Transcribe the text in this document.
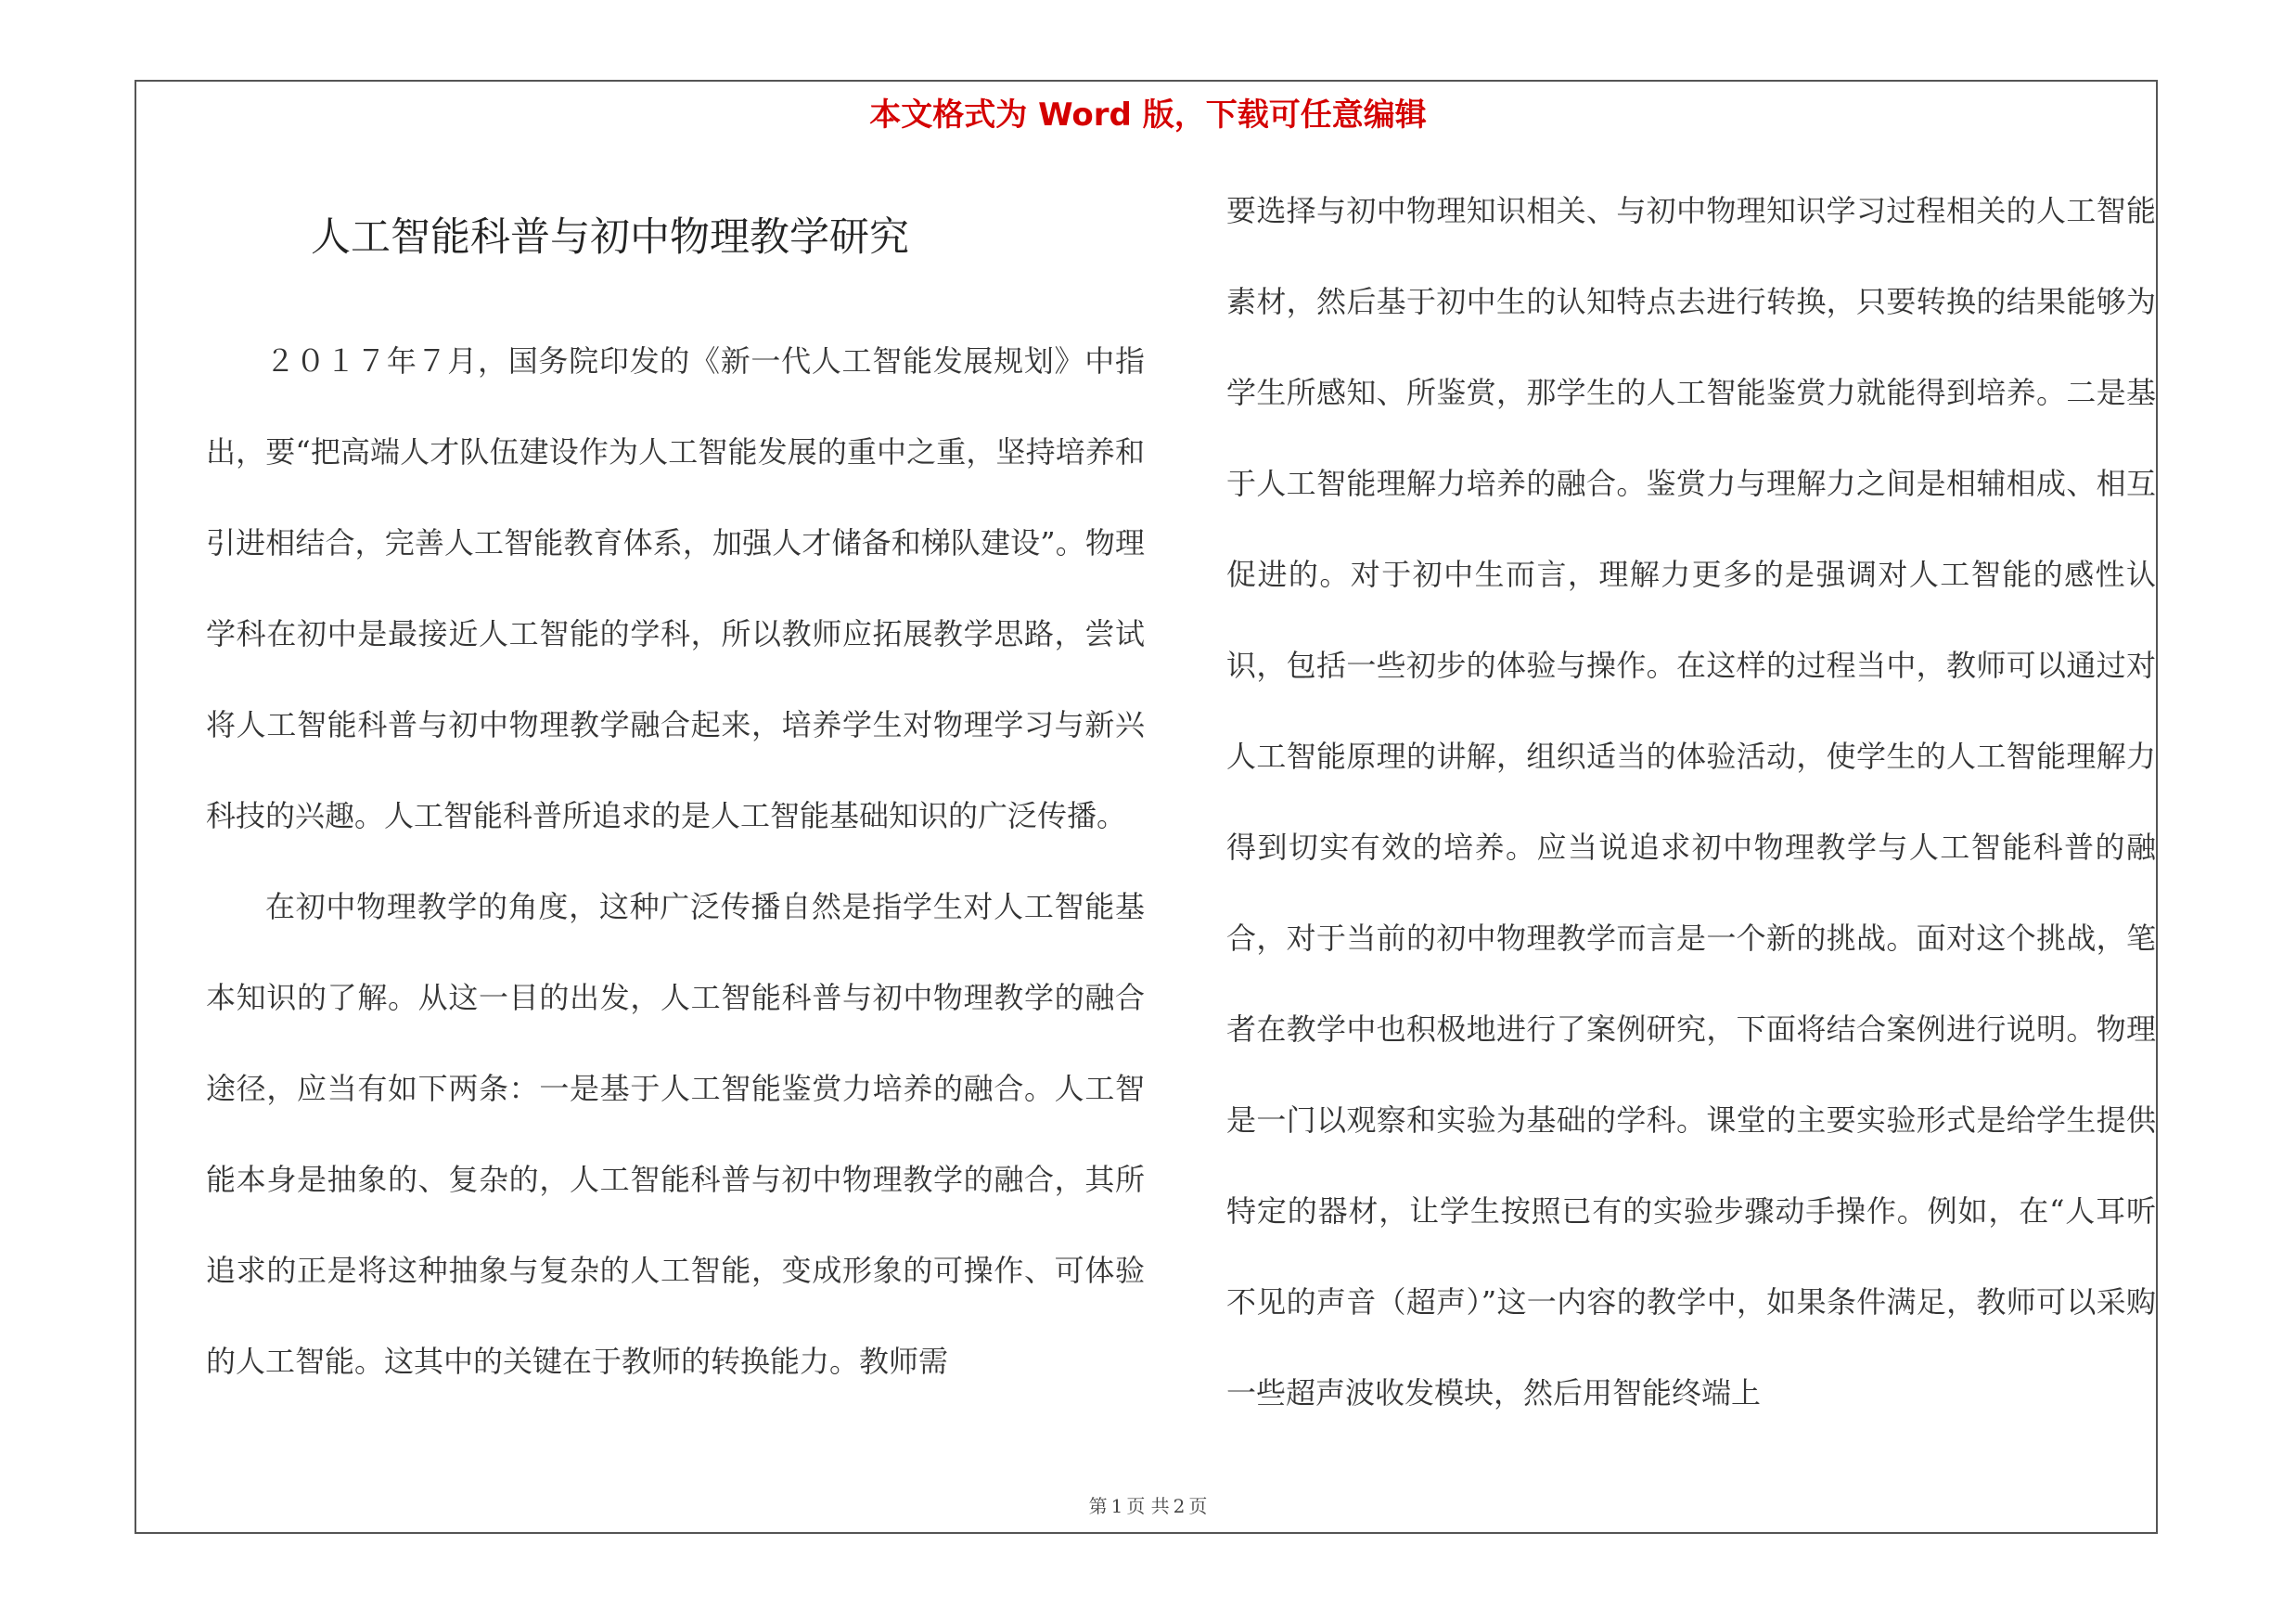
本文格式为 Word 版，下载可任意编辑
人工智能科普与初中物理教学研究

２０１７年７月，国务院印发的《新一代人工智能发展规划》中指出，要“把高端人才队伍建设作为人工智能发展的重中之重，坚持培养和引进相结合，完善人工智能教育体系，加强人才储备和梯队建设”。物理学科在初中是最接近人工智能的学科，所以教师应拓展教学思路，尝试将人工智能科普与初中物理教学融合起来，培养学生对物理学习与新兴科技的兴趣。人工智能科普所追求的是人工智能基础知识的广泛传播。

在初中物理教学的角度，这种广泛传播自然是指学生对人工智能基本知识的了解。从这一目的出发，人工智能科普与初中物理教学的融合途径，应当有如下两条：一是基于人工智能鉴赏力培养的融合。人工智能本身是抽象的、复杂的，人工智能科普与初中物理教学的融合，其所追求的正是将这种抽象与复杂的人工智能，变成形象的可操作、可体验的人工智能。这其中的关键在于教师的转换能力。教师需

要选择与初中物理知识相关、与初中物理知识学习过程相关的人工智能素材，然后基于初中生的认知特点去进行转换，只要转换的结果能够为学生所感知、所鉴赏，那学生的人工智能鉴赏力就能得到培养。二是基于人工智能理解力培养的融合。鉴赏力与理解力之间是相辅相成、相互促进的。对于初中生而言，理解力更多的是强调对人工智能的感性认识，包括一些初步的体验与操作。在这样的过程当中，教师可以通过对人工智能原理的讲解，组织适当的体验活动，使学生的人工智能理解力得到切实有效的培养。应当说追求初中物理教学与人工智能科普的融合，对于当前的初中物理教学而言是一个新的挑战。面对这个挑战，笔者在教学中也积极地进行了案例研究，下面将结合案例进行说明。物理是一门以观察和实验为基础的学科。课堂的主要实验形式是给学生提供特定的器材，让学生按照已有的实验步骤动手操作。例如，在“人耳听不见的声音（超声）”这一内容的教学中，如果条件满足，教师可以采购一些超声波收发模块，然后用智能终端上

第 1 页 共 2 页
